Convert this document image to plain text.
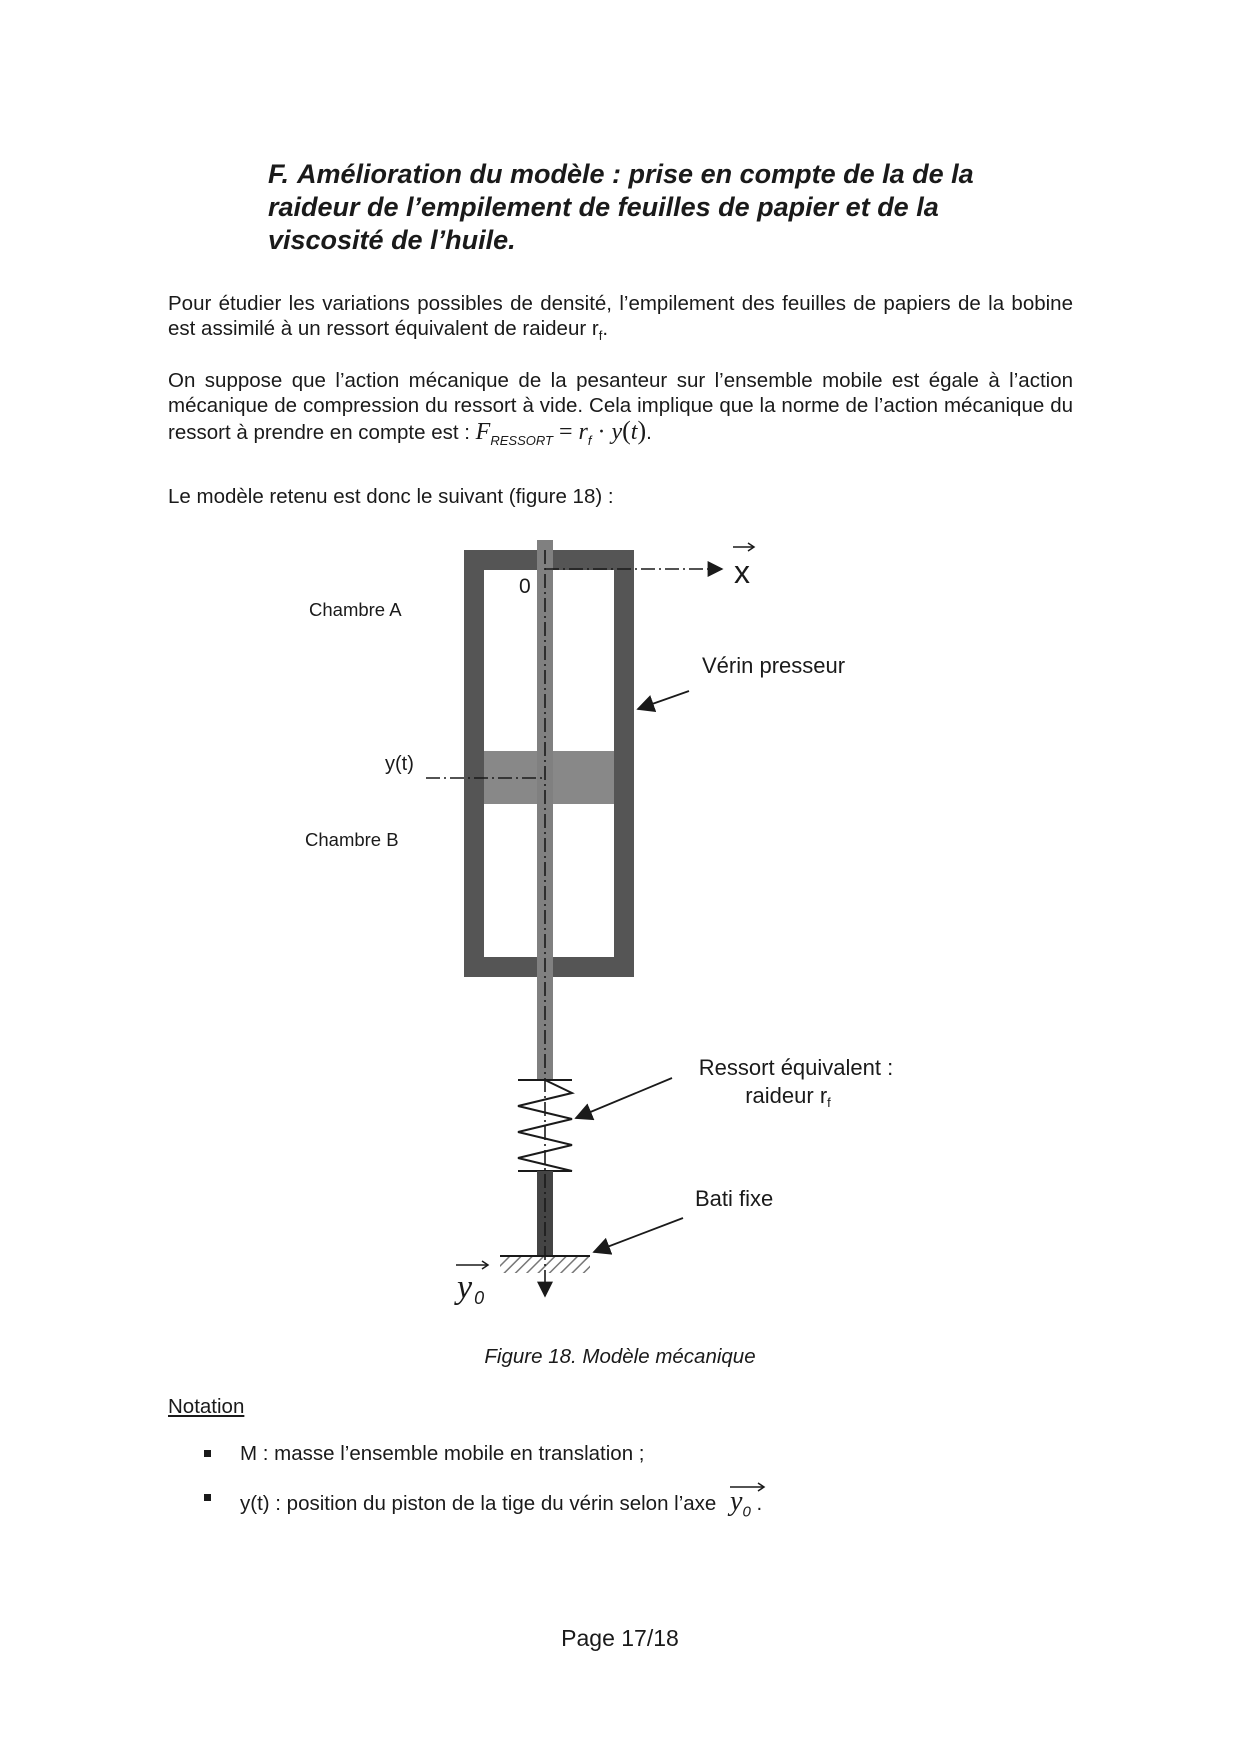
F. Amélioration du modèle : prise en compte de la de la
raideur de l’empilement de feuilles de papier et de la
viscosité de l’huile.
Pour étudier les variations possibles de densité, l’empilement des feuilles de papiers de la bobine est assimilé à un ressort équivalent de raideur $r_f$.
On suppose que l’action mécanique de la pesanteur sur l’ensemble mobile est égale à l’action mécanique de compression du ressort à vide. Cela implique que la norme de l’action mécanique du ressort à prendre en compte est : $F_{RESSORT} = r_f \cdot y(t)$.
Le modèle retenu est donc le suivant (figure 18) :
x
0
Chambre A
Chambre B
y(t)
Vérin presseur
Ressort équivalent :
raideur rf
Bati fixe
y 0
Figure 18. Modèle mécanique
Notation
M : masse l’ensemble mobile en translation ;
y(t) : position du piston de la tige du vérin selon l’axe $y_0$ .
Page 17/18
